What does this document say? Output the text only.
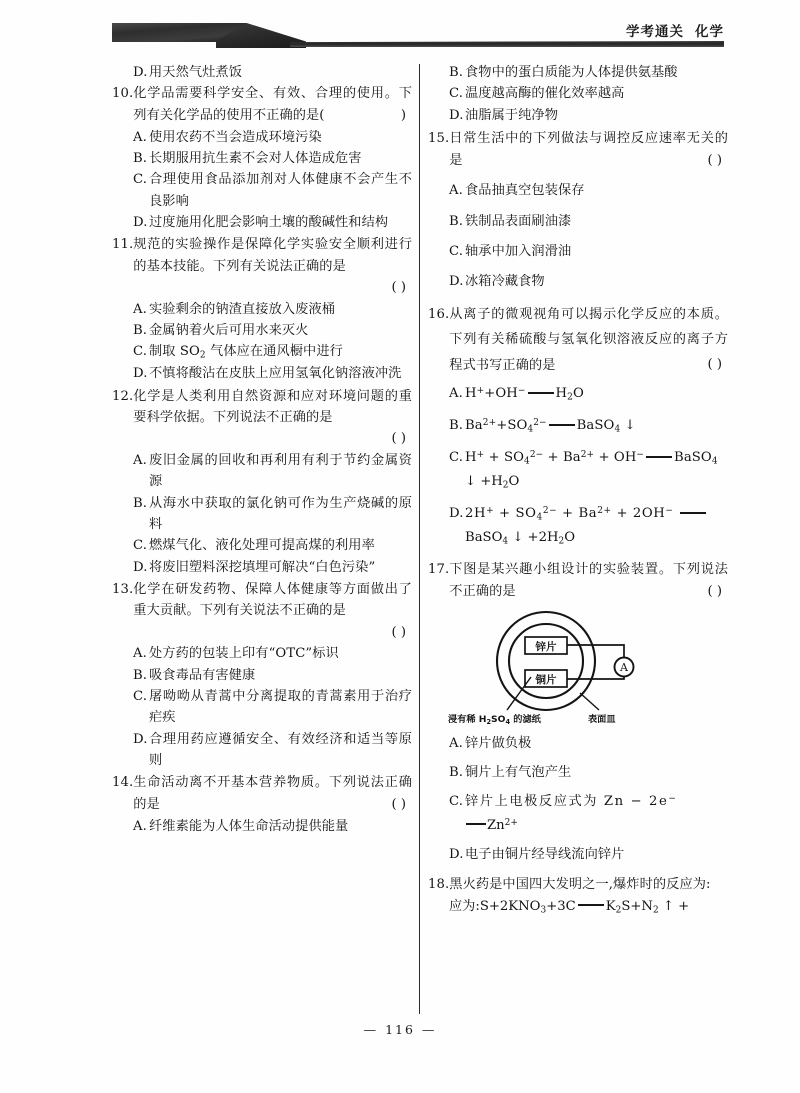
学考通关 化学
D. 用天然气灶煮饭
10. 化学品需要科学安全、有效、合理的使用。下列有关化学品的使用不正确的是(	)
A. 使用农药不当会造成环境污染
B. 长期服用抗生素不会对人体造成危害
C. 合理使用食品添加剂对人体健康不会产生不良影响
D. 过度施用化肥会影响土壤的酸碱性和结构
11. 规范的实验操作是保障化学实验安全顺利进行的基本技能。下列有关说法正确的是
( )
A. 实验剩余的钠渣直接放入废液桶
B. 金属钠着火后可用水来灭火
C. 制取 $SO_2$ 气体应在通风橱中进行
D. 不慎将酸沾在皮肤上应用氢氧化钠溶液冲洗
12. 化学是人类利用自然资源和应对环境问题的重要科学依据。下列说法不正确的是
( )
A. 废旧金属的回收和再利用有利于节约金属资源
B. 从海水中获取的氯化钠可作为生产烧碱的原料
C. 燃煤气化、液化处理可提高煤的利用率
D. 将废旧塑料深挖填埋可解决“白色污染”
13. 化学在研发药物、保障人体健康等方面做出了重大贡献。下列有关说法不正确的是
( )
A. 处方药的包装上印有“OTC”标识
B. 吸食毒品有害健康
C. 屠呦呦从青蒿中分离提取的青蒿素用于治疗疟疾
D. 合理用药应遵循安全、有效经济和适当等原则
14. 生命活动离不开基本营养物质。下列说法正确的是	( )
A. 纤维素能为人体生命活动提供能量
B. 食物中的蛋白质能为人体提供氨基酸
C. 温度越高酶的催化效率越高
D. 油脂属于纯净物
15. 日常生活中的下列做法与调控反应速率无关的是	( )
A. 食品抽真空包装保存
B. 铁制品表面刷油漆
C. 轴承中加入润滑油
D. 冰箱冷藏食物
16. 从离子的微观视角可以揭示化学反应的本质。下列有关稀硫酸与氢氧化钡溶液反应的离子方程式书写正确的是	( )
A. H++OH− $H_2O$
B. $Ba^{2+}+SO_4^{2-}$ BaSO$_4$ ↓
C. $H^+ + SO_4^{2-} + Ba^{2+} + OH^-$ BaSO$_4$
↓ $+H_2O$
D. $2H^+ + SO_4^{2-} + Ba^{2+} + 2OH^-$
BaSO$_4$ ↓ $+2H_2O$
17. 下图是某兴趣小组设计的实验装置。下列说法不正确的是	( )
锌片
铜片
A
浸有稀 $H_2SO_4$ 的滤纸	表面皿
A. 锌片做负极
B. 铜片上有气泡产生
C. 锌片上电极反应式为 Zn − 2e−
$Zn^{2+}$
D. 电子由铜片经导线流向锌片
18. 黑火药是中国四大发明之一,爆炸时的反应为:
应为$:S+2KNO_3+3C$ $K_2S+N_2$ ↑ +
— 116 —
